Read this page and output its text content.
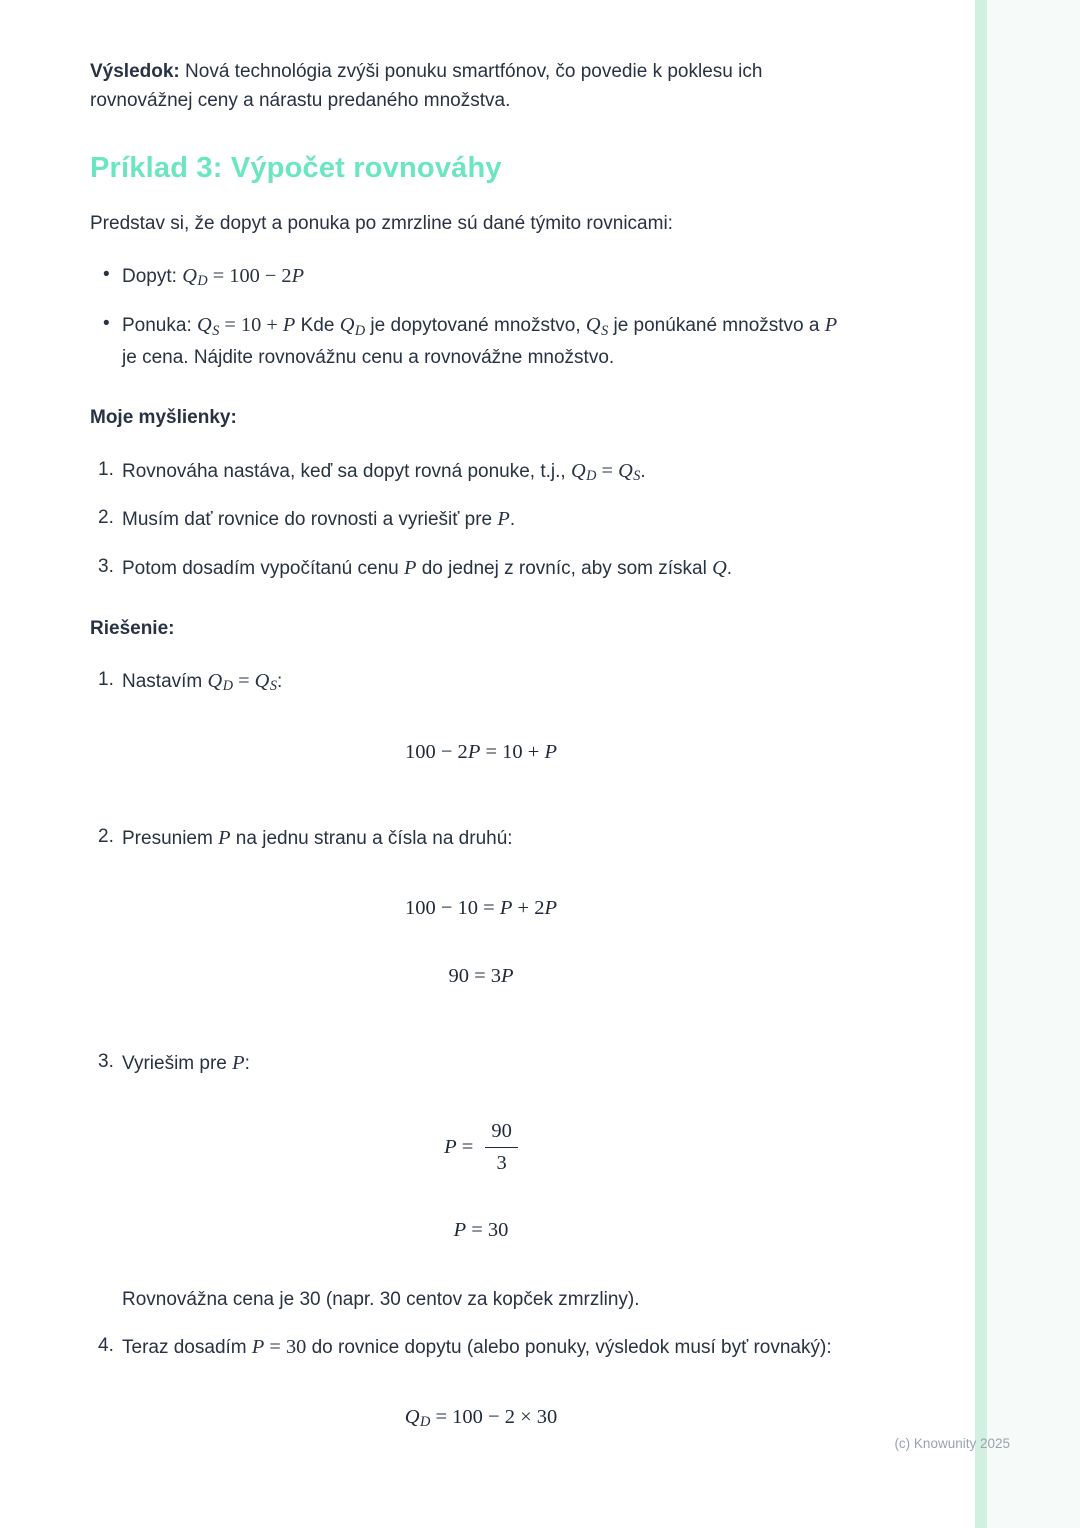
Výsledok: Nová technológia zvýši ponuku smartfónov, čo povedie k poklesu ich rovnovážnej ceny a nárastu predaného množstva.

Príklad 3: Výpočet rovnováhy

Predstav si, že dopyt a ponuka po zmrzline sú dané týmito rovnicami:

• Dopyt: $Q_D = 100 - 2P$
• Ponuka: $Q_S = 10 + P$ Kde $Q_D$ je dopytované množstvo, $Q_S$ je ponúkané množstvo a P je cena. Nájdite rovnovážnu cenu a rovnovážne množstvo.

Moje myšlienky:

1. Rovnováha nastáva, keď sa dopyt rovná ponuke, t.j., $Q_D = Q_S$.
2. Musím dať rovnice do rovnosti a vyriešiť pre P.
3. Potom dosadím vypočítanú cenu P do jednej z rovníc, aby som získal Q.

Riešenie:

1. Nastavím $Q_D = Q_S$:
100 − 2P = 10 + P
2. Presuniem P na jednu stranu a čísla na druhú:
100 − 10 = P + 2P
90 = 3P
3. Vyriešim pre P:
$P = \frac{90}{3}$
P = 30
Rovnovážna cena je 30 (napr. 30 centov za kopček zmrzliny).
4. Teraz dosadím P = 30 do rovnice dopytu (alebo ponuky, výsledok musí byť rovnaký):
$Q_D = 100 - 2 \times 30$
(c) Knowunity 2025
